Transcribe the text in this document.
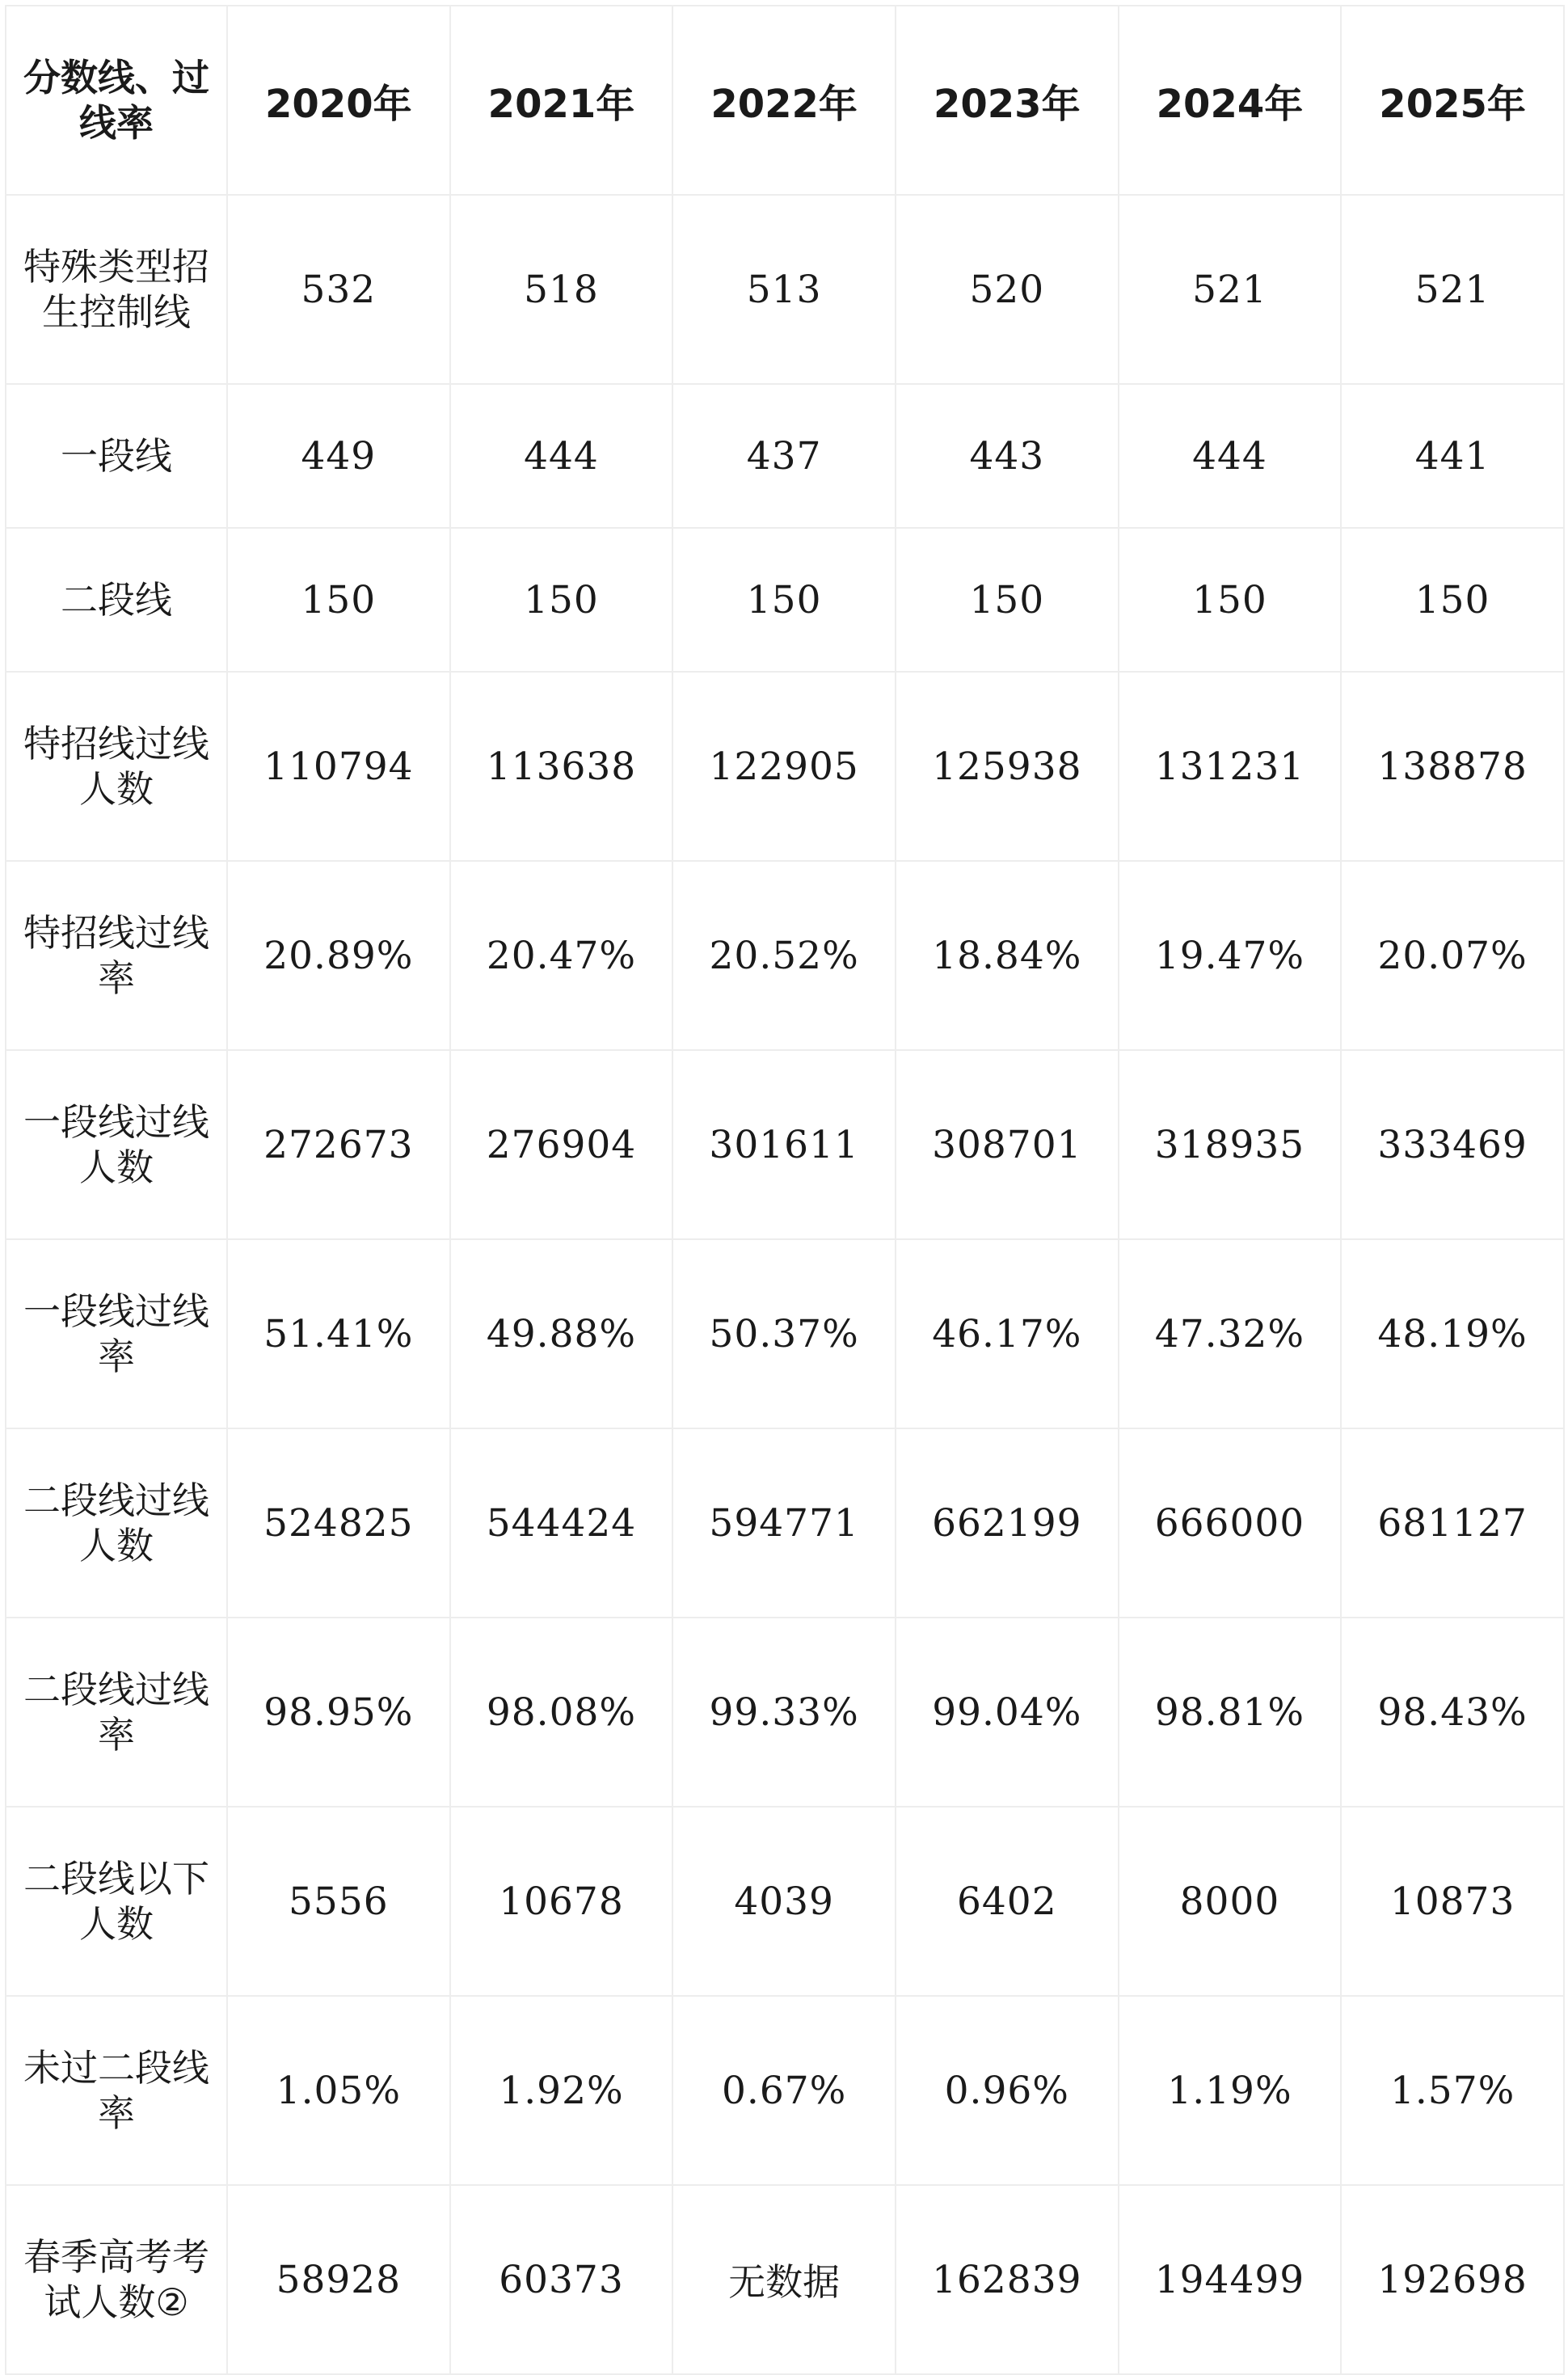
分数线、过线率	2020年	2021年	2022年	2023年	2024年	2025年
特殊类型招生控制线	532	518	513	520	521	521
一段线	449	444	437	443	444	441
二段线	150	150	150	150	150	150
特招线过线人数	110794	113638	122905	125938	131231	138878
特招线过线率	20.89%	20.47%	20.52%	18.84%	19.47%	20.07%
一段线过线人数	272673	276904	301611	308701	318935	333469
一段线过线率	51.41%	49.88%	50.37%	46.17%	47.32%	48.19%
二段线过线人数	524825	544424	594771	662199	666000	681127
二段线过线率	98.95%	98.08%	99.33%	99.04%	98.81%	98.43%
二段线以下人数	5556	10678	4039	6402	8000	10873
未过二段线率	1.05%	1.92%	0.67%	0.96%	1.19%	1.57%
春季高考考试人数②	58928	60373	无数据	162839	194499	192698
